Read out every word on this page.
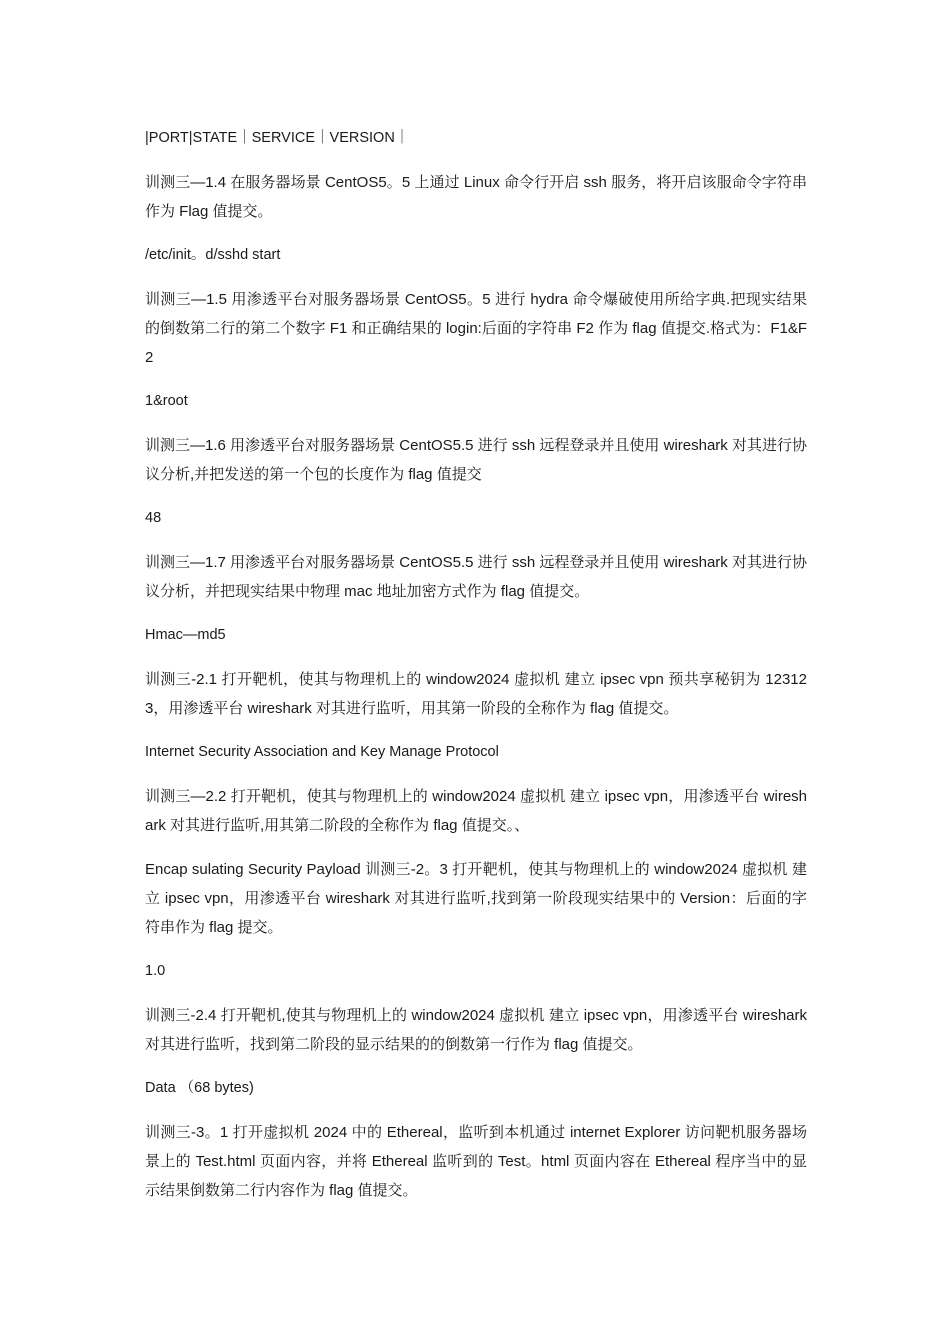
|PORT|STATE｜SERVICE｜VERSION｜

训测三—1.4 在服务器场景 CentOS5。5 上通过 Linux 命令行开启 ssh 服务，将开启该服命令字符串作为 Flag 值提交。

/etc/init。d/sshd start

训测三—1.5 用渗透平台对服务器场景 CentOS5。5 进行 hydra 命令爆破使用所给字典.把现实结果的倒数第二行的第二个数字 F1 和正确结果的 login:后面的字符串 F2 作为 flag 值提交.格式为：F1&F2

1&root

训测三—1.6 用渗透平台对服务器场景 CentOS5.5 进行 ssh 远程登录并且使用 wireshark 对其进行协议分析,并把发送的第一个包的长度作为 flag 值提交

48

训测三—1.7 用渗透平台对服务器场景 CentOS5.5 进行 ssh 远程登录并且使用 wireshark 对其进行协议分析，并把现实结果中物理 mac 地址加密方式作为 flag 值提交。

Hmac—md5

训测三-2.1 打开靶机，使其与物理机上的 window2024 虚拟机 建立 ipsec vpn 预共享秘钥为 123123，用渗透平台 wireshark 对其进行监听，用其第一阶段的全称作为 flag 值提交。

Internet Security Association and Key Manage Protocol

训测三—2.2 打开靶机，使其与物理机上的 window2024 虚拟机 建立 ipsec vpn，用渗透平台 wireshark 对其进行监听,用其第二阶段的全称作为 flag 值提交。、

Encap sulating Security Payload 训测三-2。3 打开靶机，使其与物理机上的 window2024 虚拟机 建立 ipsec vpn，用渗透平台 wireshark 对其进行监听,找到第一阶段现实结果中的 Version：后面的字符串作为 flag 提交。

1.0

训测三-2.4 打开靶机,使其与物理机上的 window2024 虚拟机 建立 ipsec vpn，用渗透平台 wireshark 对其进行监听，找到第二阶段的显示结果的的倒数第一行作为 flag 值提交。

Data （68 bytes)

训测三-3。1 打开虚拟机 2024 中的 Ethereal，监听到本机通过 internet Explorer 访问靶机服务器场景上的 Test.html 页面内容，并将 Ethereal 监听到的 Test。html 页面内容在 Ethereal 程序当中的显示结果倒数第二行内容作为 flag 值提交。
